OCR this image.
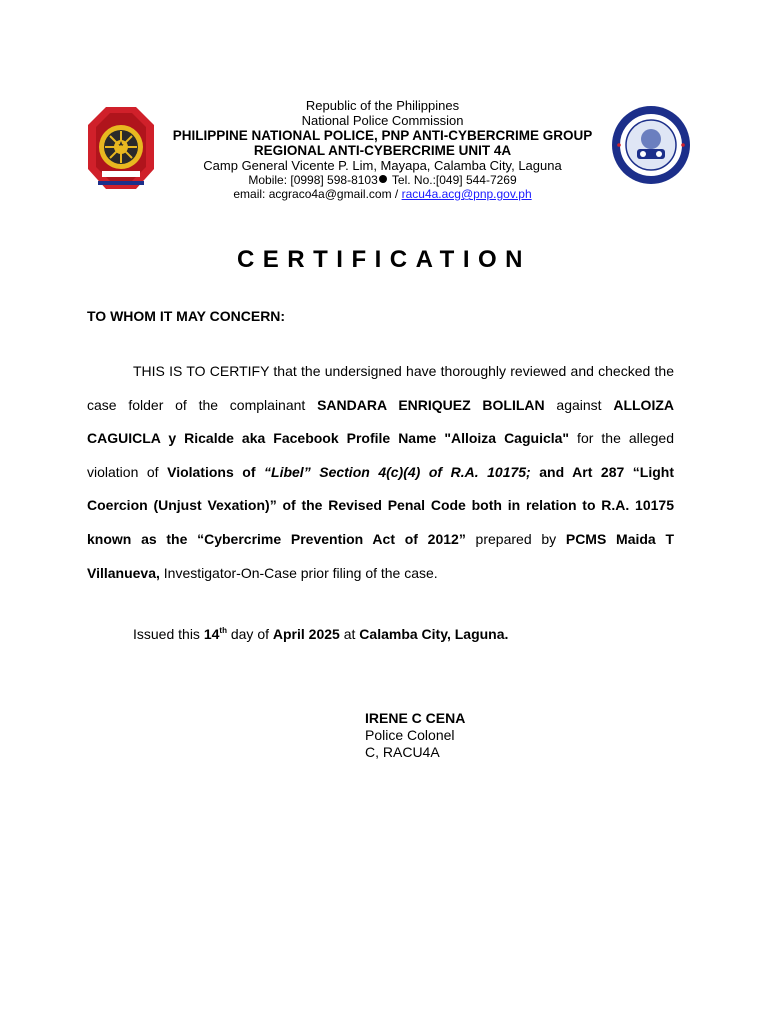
Republic of the Philippines
National Police Commission
PHILIPPINE NATIONAL POLICE, PNP ANTI-CYBERCRIME GROUP
REGIONAL ANTI-CYBERCRIME UNIT 4A
Camp General Vicente P. Lim, Mayapa, Calamba City, Laguna
Mobile: [0998] 598-8103 Tel. No.:[049] 544-7269
email: acgraco4a@gmail.com / racu4a.acg@pnp.gov.ph
CERTIFICATION
TO WHOM IT MAY CONCERN:
THIS IS TO CERTIFY that the undersigned have thoroughly reviewed and checked the case folder of the complainant SANDARA ENRIQUEZ BOLILAN against ALLOIZA CAGUICLA y Ricalde aka Facebook Profile Name "Alloiza Caguicla" for the alleged violation of Violations of “Libel” Section 4(c)(4) of R.A. 10175; and Art 287 “Light Coercion (Unjust Vexation)” of the Revised Penal Code both in relation to R.A. 10175 known as the “Cybercrime Prevention Act of 2012” prepared by PCMS Maida T Villanueva, Investigator-On-Case prior filing of the case.
Issued this 14th day of April 2025 at Calamba City, Laguna.
IRENE C CENA
Police Colonel
C, RACU4A
